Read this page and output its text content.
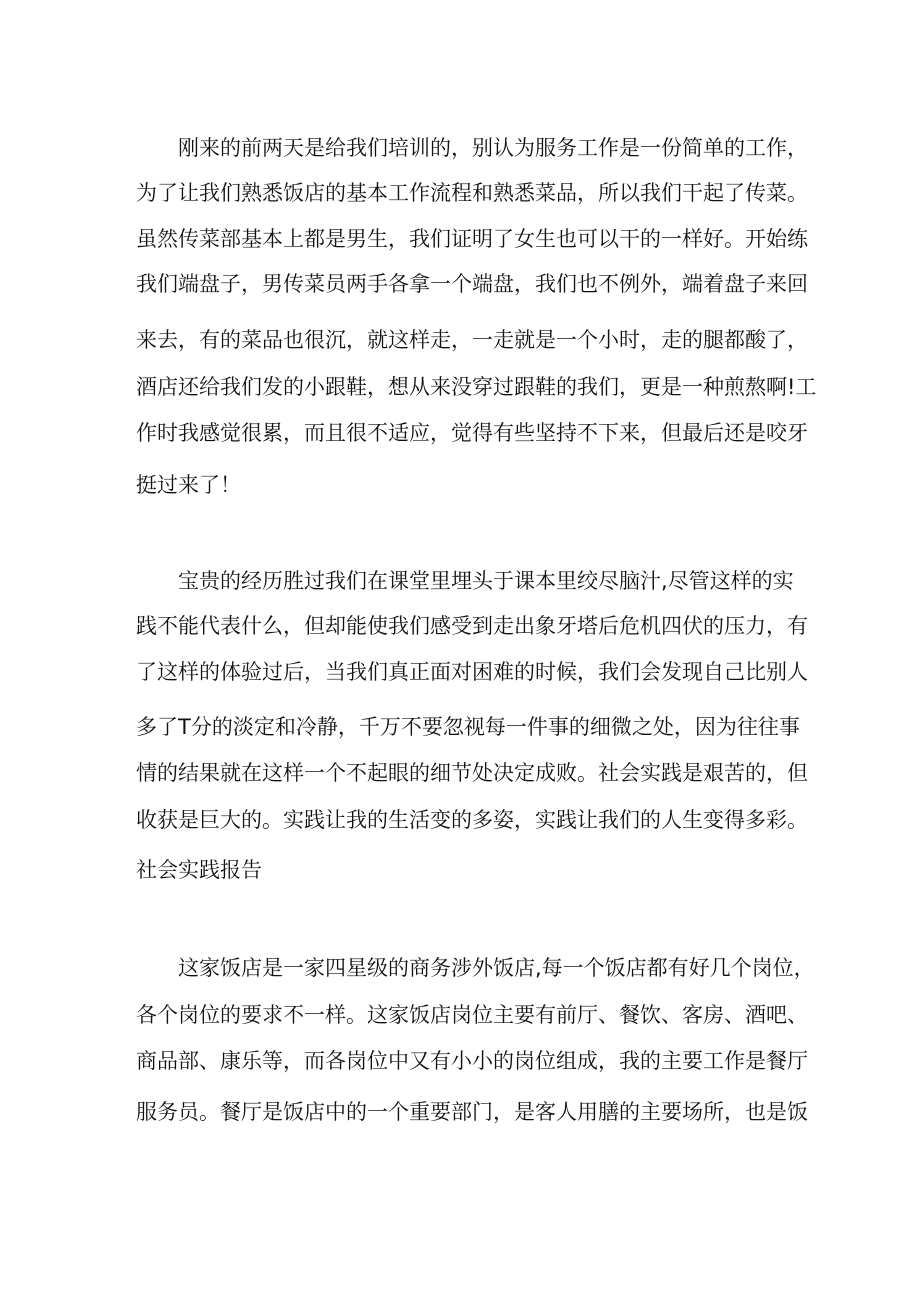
　　刚来的前两天是给我们培训的，别认为服务工作是一份简单的工作，
为了让我们熟悉饭店的基本工作流程和熟悉菜品，所以我们干起了传菜。
虽然传菜部基本上都是男生，我们证明了女生也可以干的一样好。开始练
我们端盘子，男传菜员两手各拿一个端盘，我们也不例外，端着盘子来回
来去，有的菜品也很沉，就这样走，一走就是一个小时，走的腿都酸了，
酒店还给我们发的小跟鞋，想从来没穿过跟鞋的我们，更是一种煎熬啊!工
作时我感觉很累，而且很不适应，觉得有些坚持不下来，但最后还是咬牙
挺过来了！
　　宝贵的经历胜过我们在课堂里埋头于课本里绞尽脑汁,尽管这样的实
践不能代表什么，但却能使我们感受到走出象牙塔后危机四伏的压力，有
了这样的体验过后，当我们真正面对困难的时候，我们会发现自己比别人
多了T分的淡定和冷静，千万不要忽视每一件事的细微之处，因为往往事
情的结果就在这样一个不起眼的细节处决定成败。社会实践是艰苦的，但
收获是巨大的。实践让我的生活变的多姿，实践让我们的人生变得多彩。
社会实践报告
　　这家饭店是一家四星级的商务涉外饭店,每一个饭店都有好几个岗位，
各个岗位的要求不一样。这家饭店岗位主要有前厅、餐饮、客房、酒吧、
商品部、康乐等，而各岗位中又有小小的岗位组成，我的主要工作是餐厅
服务员。餐厅是饭店中的一个重要部门，是客人用膳的主要场所，也是饭
